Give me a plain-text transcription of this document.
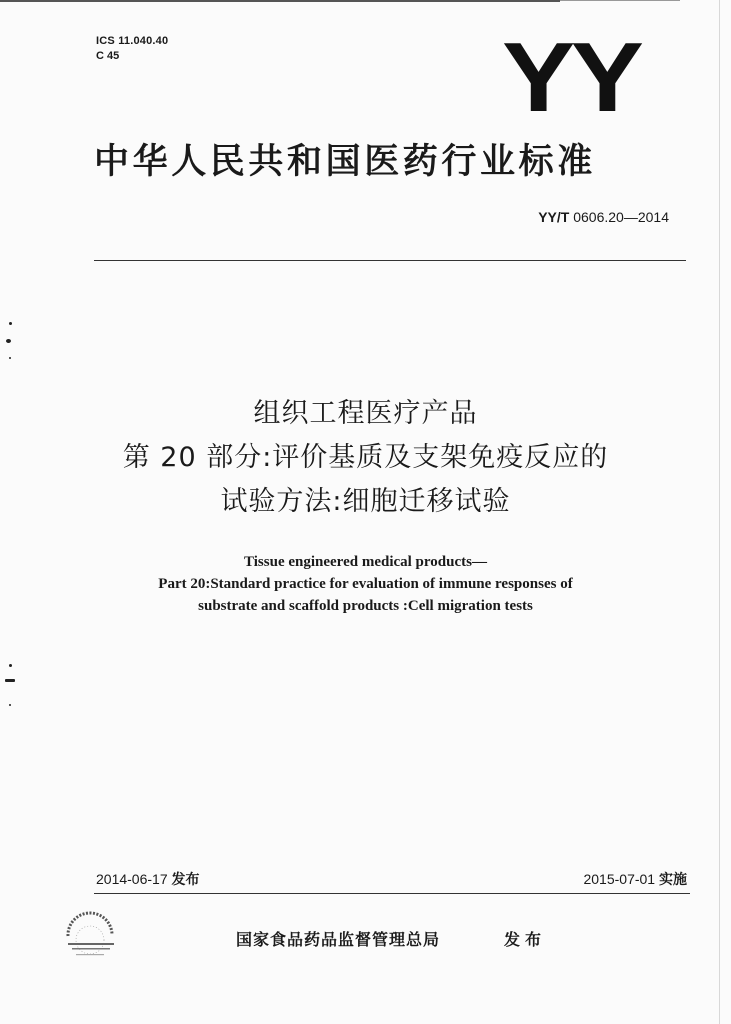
ICS 11.040.40
C 45	YY
中华人民共和国医药行业标准
YY/T 0606.20—2014
组织工程医疗产品
第 20 部分:评价基质及支架免疫反应的
试验方法:细胞迁移试验
Tissue engineered medical products—
Part 20:Standard practice for evaluation of immune responses of
substrate and scaffold products :Cell migration tests
2014-06-17 发布	2015-07-01 实施
国家食品药品监督管理总局	发布
